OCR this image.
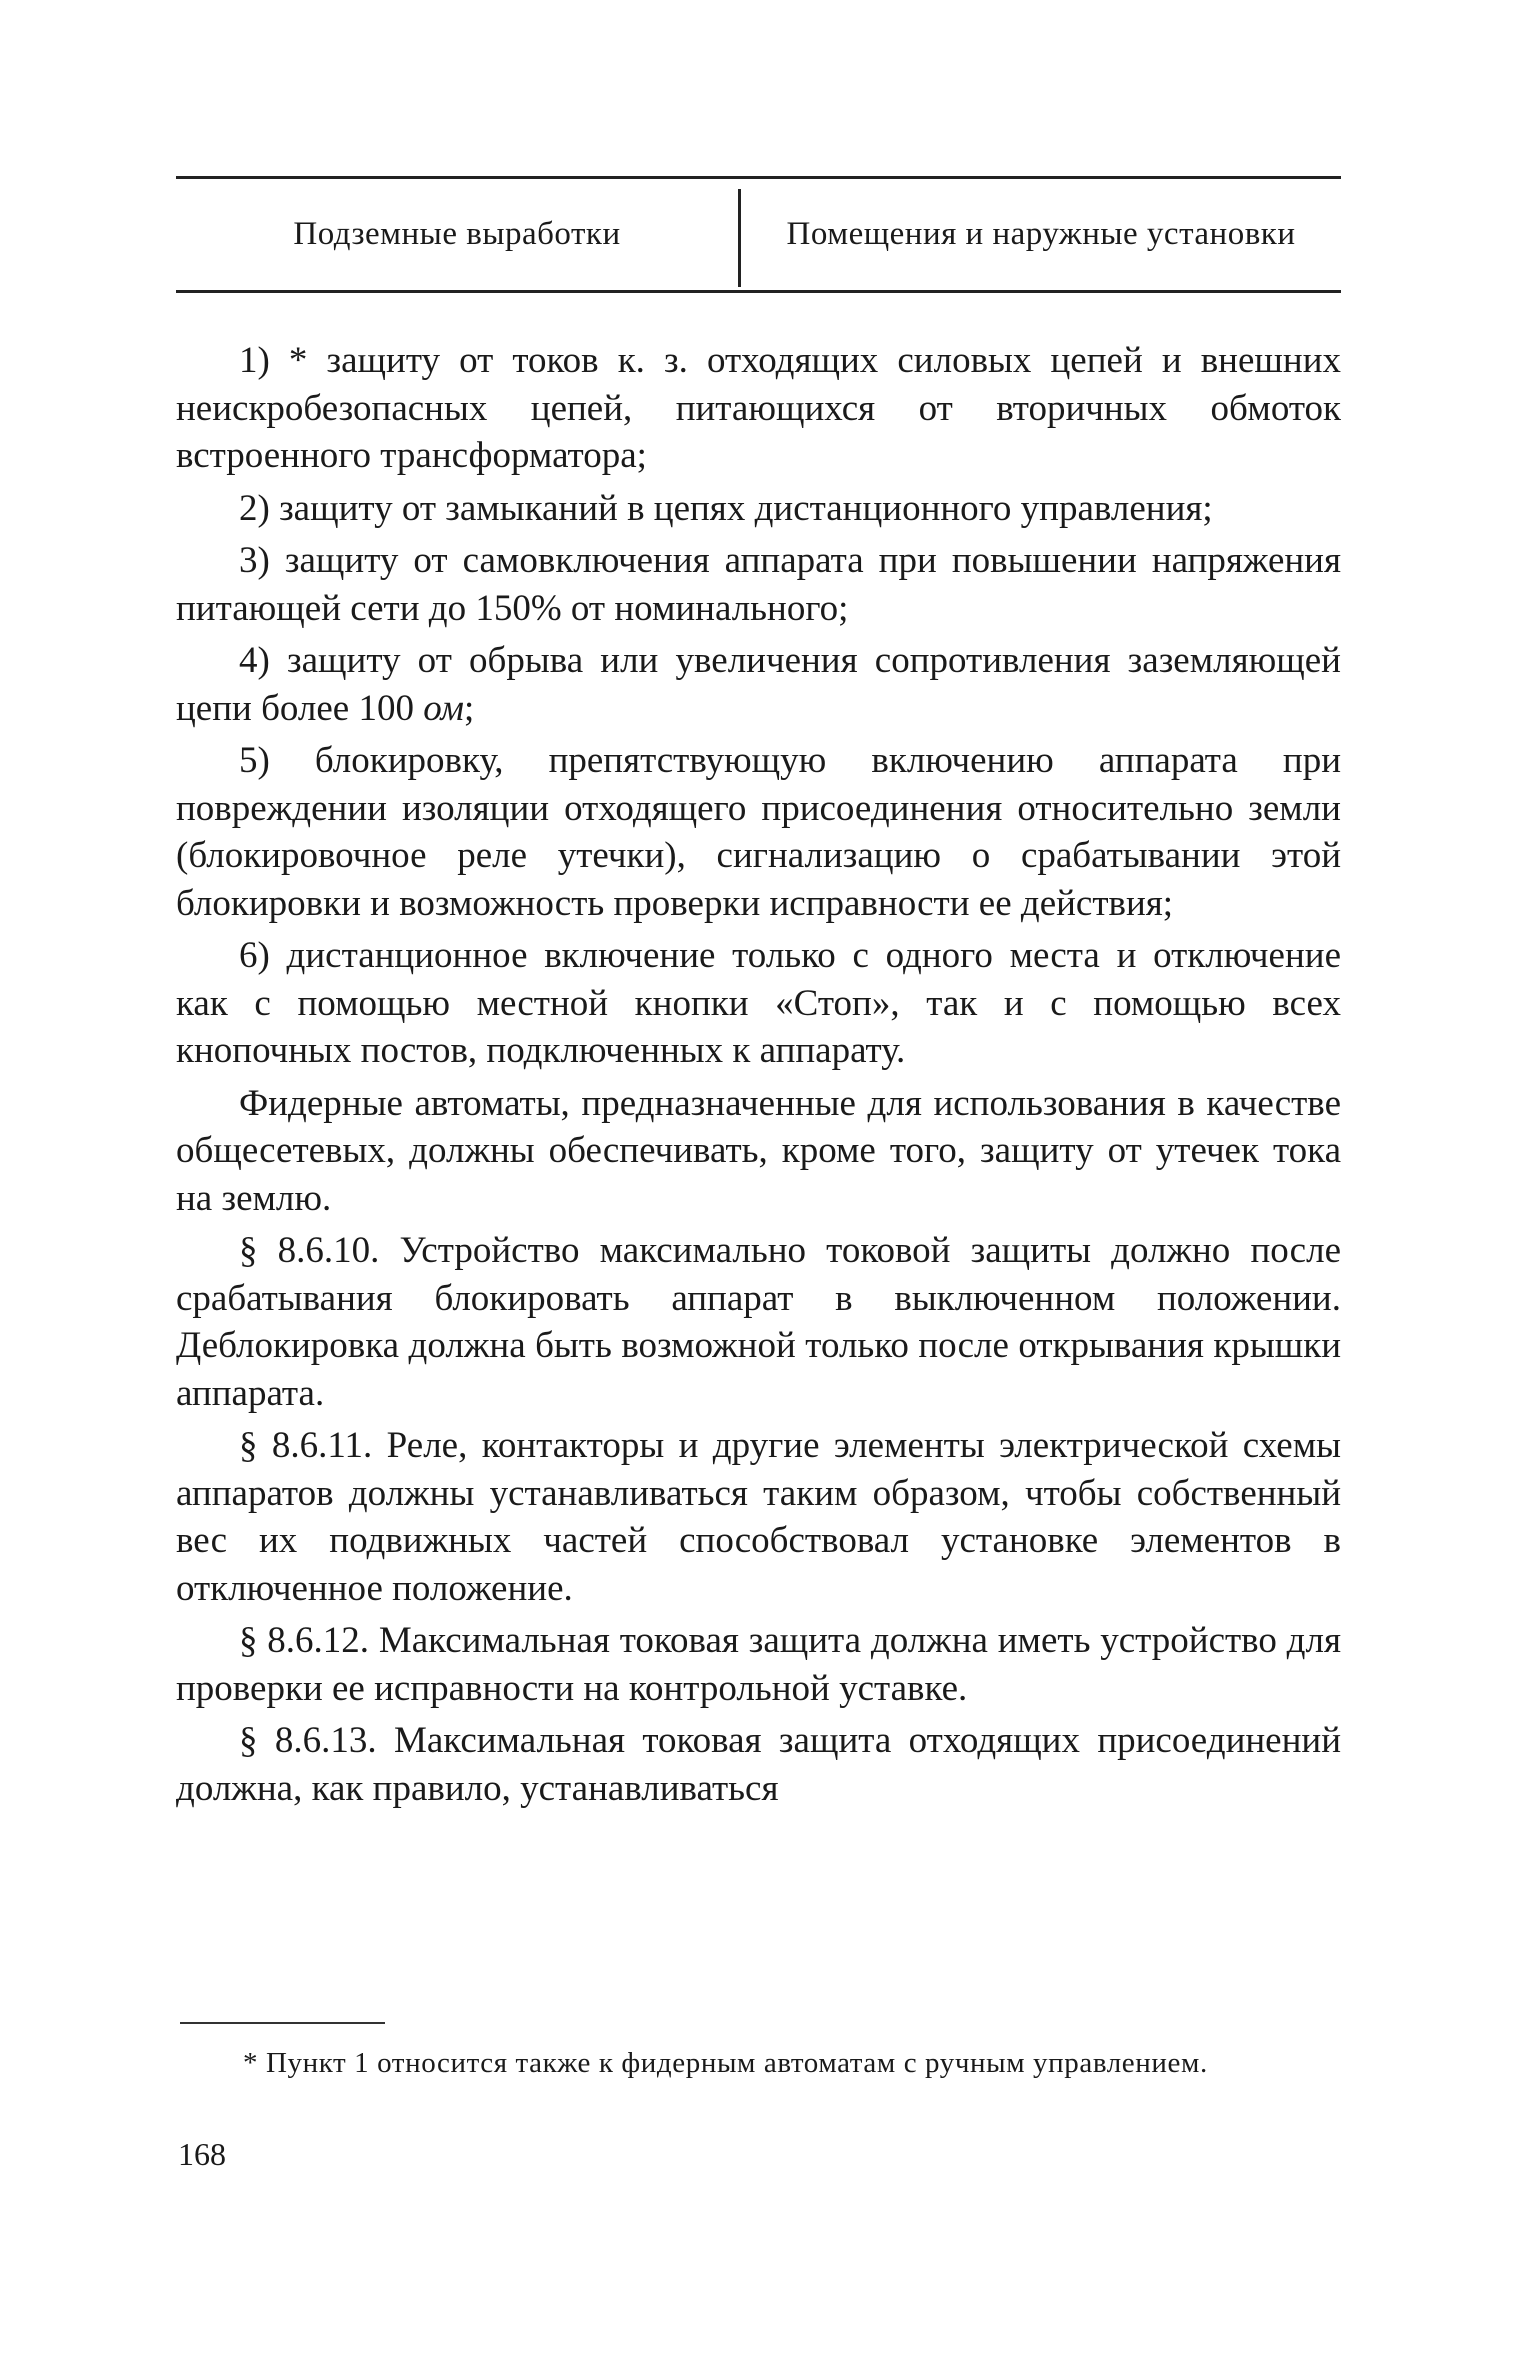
Подземные выработки	Помещения и наружные установки

1) * защиту от токов к. з. отходящих силовых цепей и внешних неискробезопасных цепей, питающихся от вторичных обмоток встроенного трансформатора;

2) защиту от замыканий в цепях дистанционного управления;

3) защиту от самовключения аппарата при повышении напряжения питающей сети до 150% от номинального;

4) защиту от обрыва или увеличения сопротивления заземляющей цепи более 100 ом;

5) блокировку, препятствующую включению аппарата при повреждении изоляции отходящего присоединения относительно земли (блокировочное реле утечки), сигнализацию о срабатывании этой блокировки и возможность проверки исправности ее действия;

6) дистанционное включение только с одного места и отключение как с помощью местной кнопки «Стоп», так и с помощью всех кнопочных постов, подключенных к аппарату.

Фидерные автоматы, предназначенные для использования в качестве общесетевых, должны обеспечивать, кроме того, защиту от утечек тока на землю.

§ 8.6.10. Устройство максимально токовой защиты должно после срабатывания блокировать аппарат в выключенном положении. Деблокировка должна быть возможной только после открывания крышки аппарата.

§ 8.6.11. Реле, контакторы и другие элементы электрической схемы аппаратов должны устанавливаться таким образом, чтобы собственный вес их подвижных частей способствовал установке элементов в отключенное положение.

§ 8.6.12. Максимальная токовая защита должна иметь устройство для проверки ее исправности на контрольной уставке.

§ 8.6.13. Максимальная токовая защита отходящих присоединений должна, как правило, устанавливаться

* Пункт 1 относится также к фидерным автоматам с ручным управлением.
168
